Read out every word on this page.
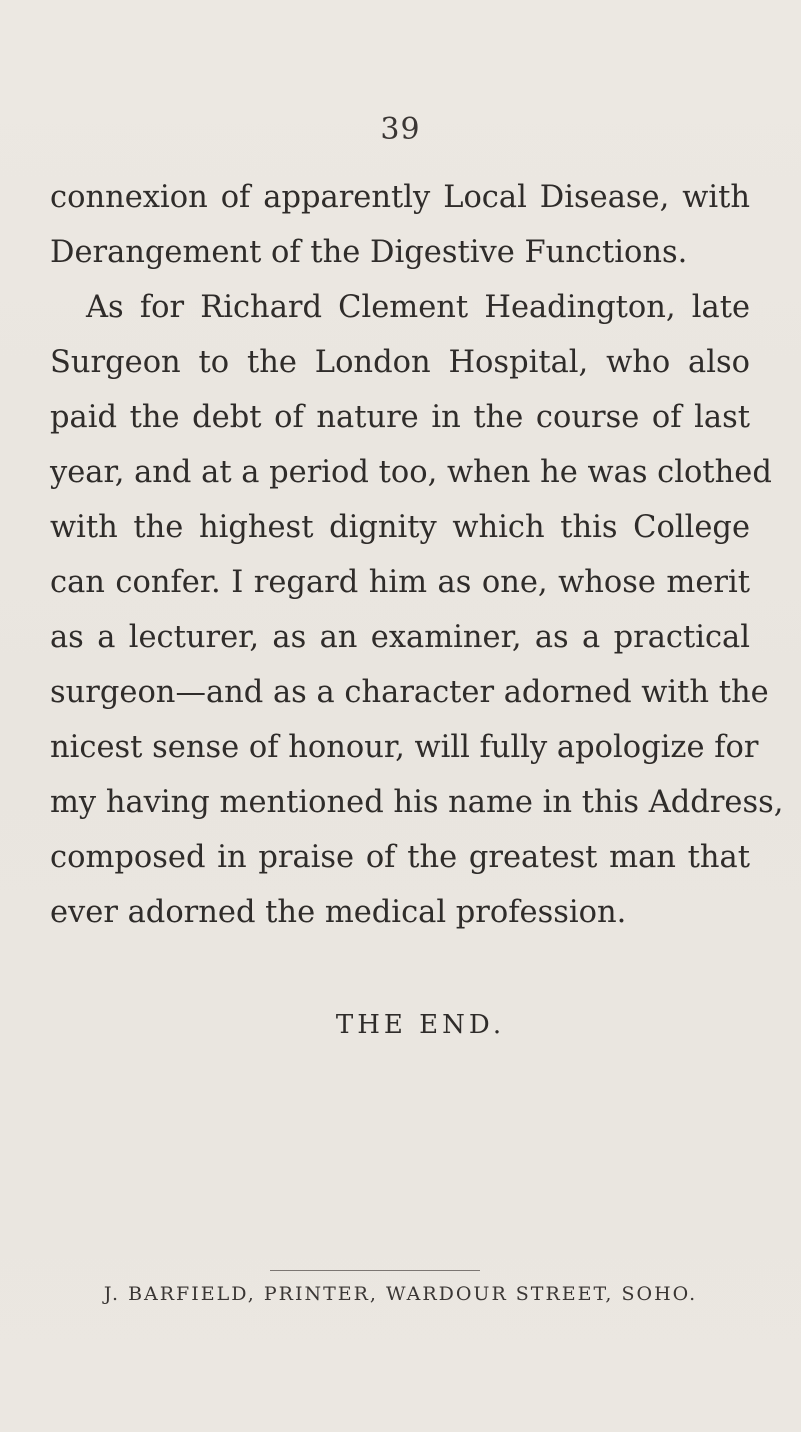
39
connexion of apparently Local Disease, with
Derangement of the Digestive Functions.
As for Richard Clement Headington, late
Surgeon to the London Hospital, who also
paid the debt of nature in the course of last
year, and at a period too, when he was clothed
with the highest dignity which this College
can confer. I regard him as one, whose merit
as a lecturer, as an examiner, as a practical
surgeon—and as a character adorned with the
nicest sense of honour, will fully apologize for
my having mentioned his name in this Address,
composed in praise of the greatest man that
ever adorned the medical profession.
THE END.
J. BARFIELD, PRINTER, WARDOUR STREET, SOHO.
